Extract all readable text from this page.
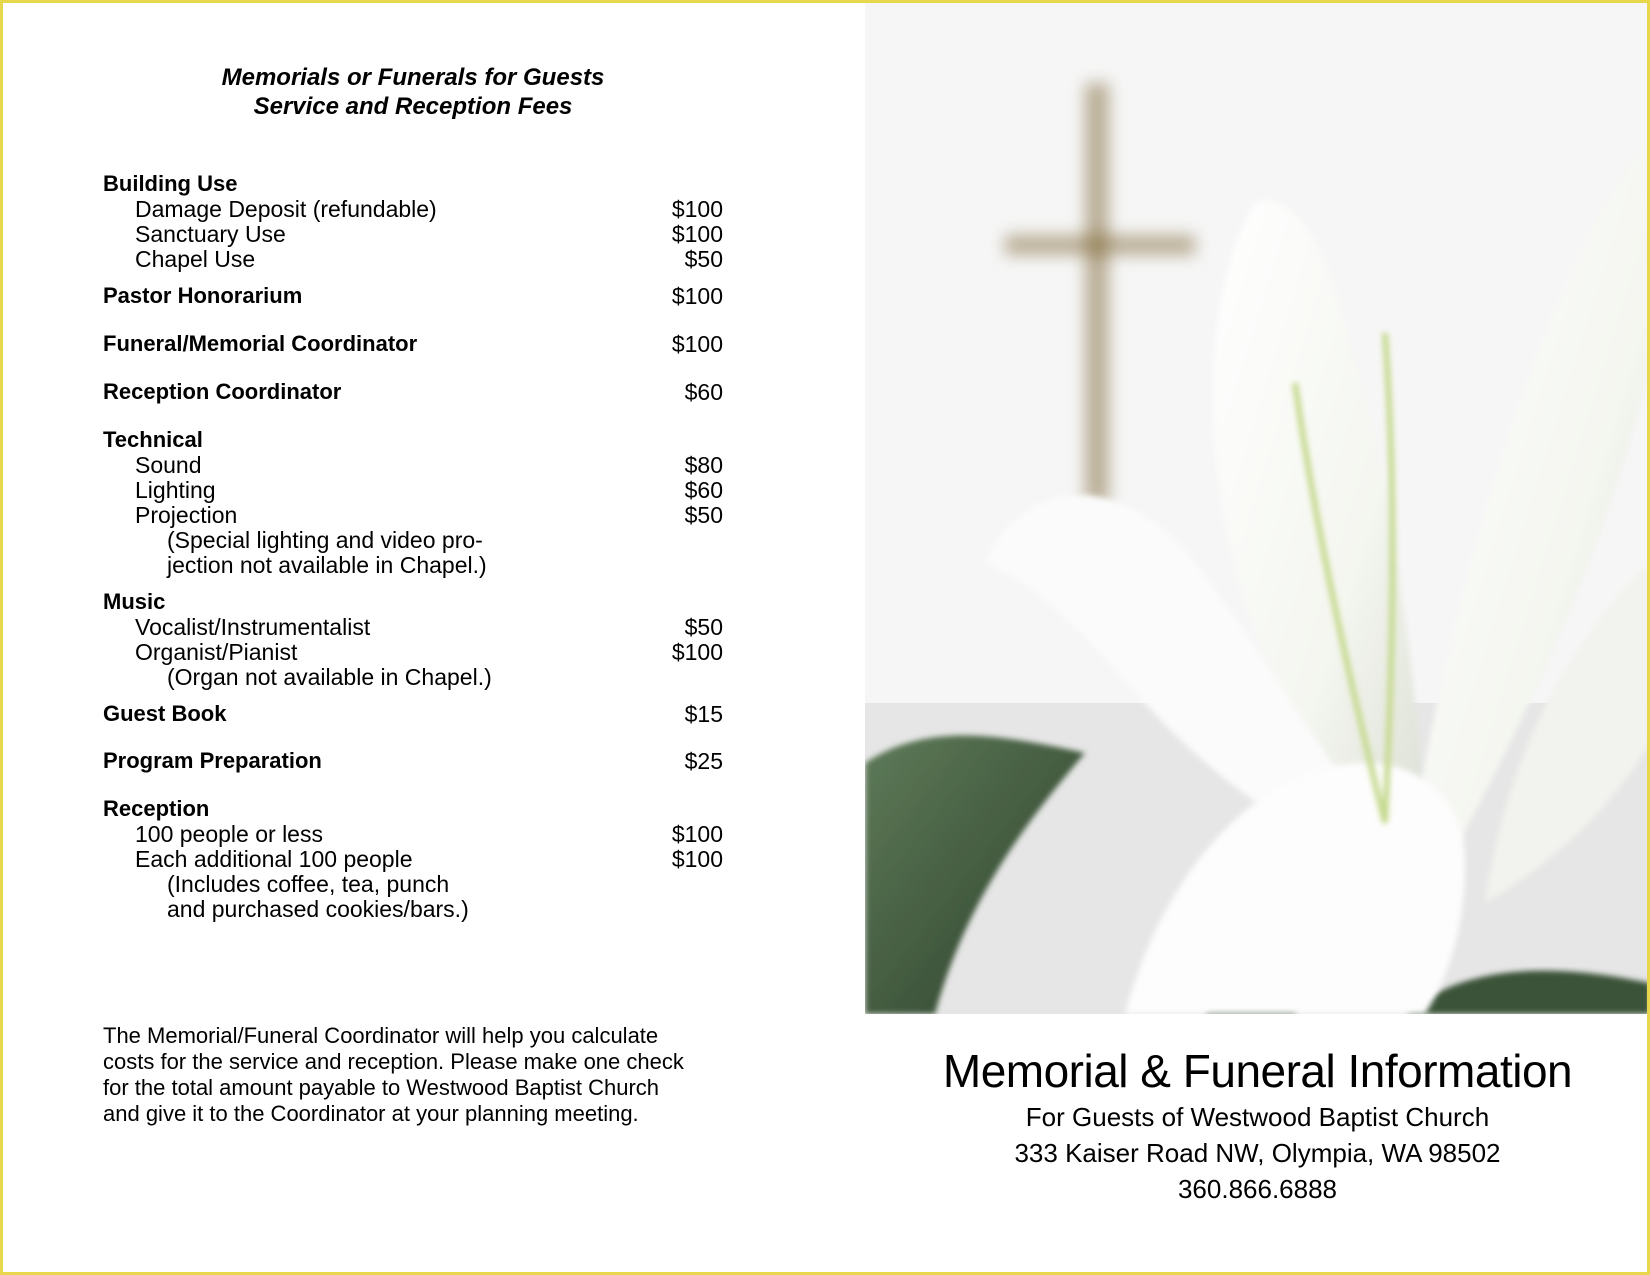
Memorials or Funerals for Guests
Service and Reception Fees
Building Use
Damage Deposit (refundable)	$100
Sanctuary Use	$100
Chapel Use	$50
Pastor Honorarium	$100
Funeral/Memorial Coordinator	$100
Reception Coordinator	$60
Technical
Sound	$80
Lighting	$60
Projection	$50
(Special lighting and video pro-
jection not available in Chapel.)
Music
Vocalist/Instrumentalist	$50
Organist/Pianist	$100
(Organ not available in Chapel.)
Guest Book	$15
Program Preparation	$25
Reception
100 people or less	$100
Each additional 100 people	$100
(Includes coffee, tea, punch
and purchased cookies/bars.)
The Memorial/Funeral Coordinator will help you calculate
costs for the service and reception. Please make one check
for the total amount payable to Westwood Baptist Church
and give it to the Coordinator at your planning meeting.
Memorial & Funeral Information
For Guests of Westwood Baptist Church
333 Kaiser Road NW, Olympia, WA 98502
360.866.6888
